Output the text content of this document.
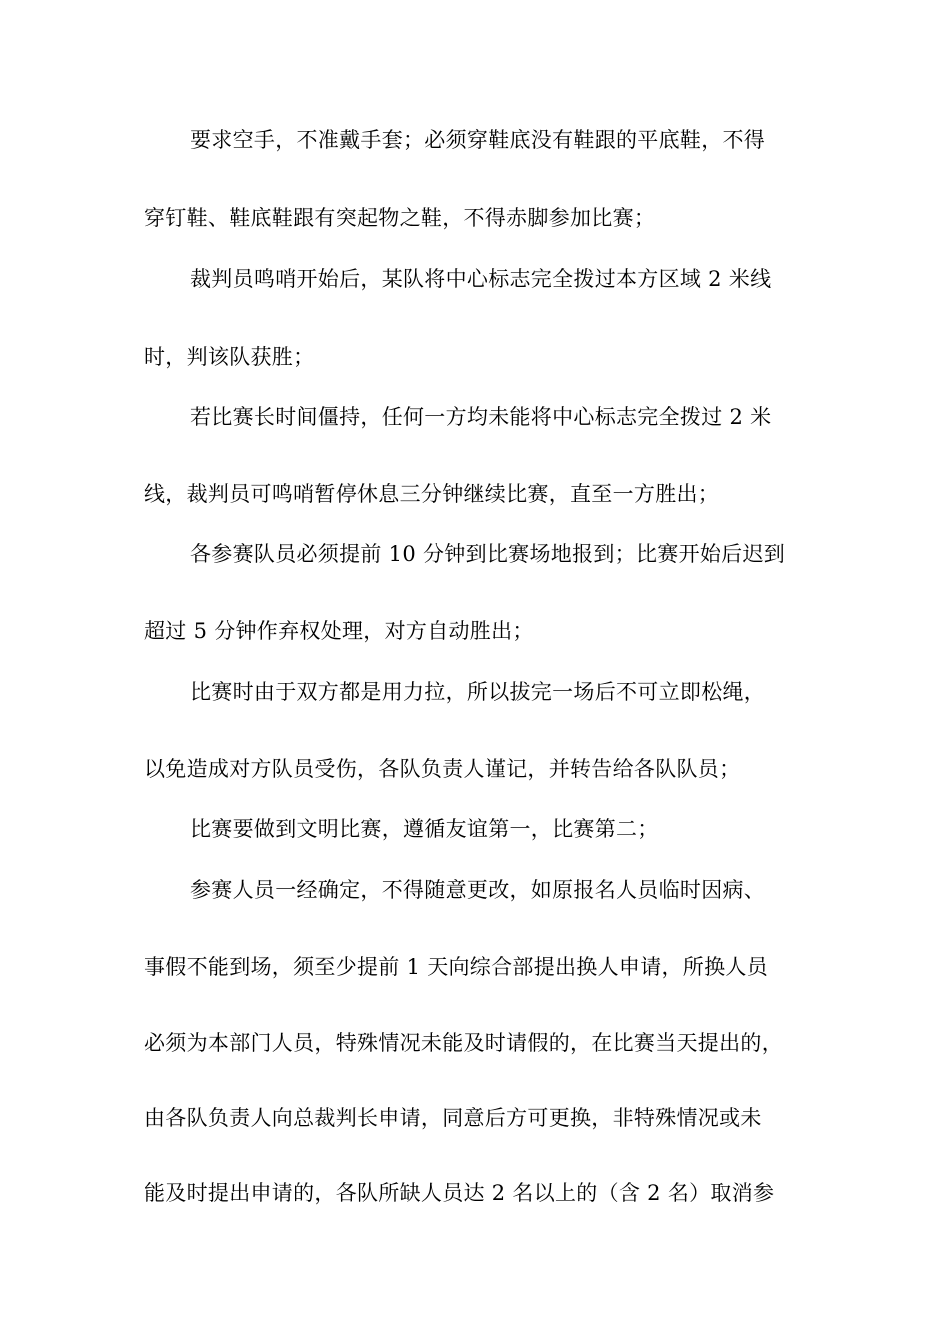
要求空手，不准戴手套；必须穿鞋底没有鞋跟的平底鞋，不得
穿钉鞋、鞋底鞋跟有突起物之鞋，不得赤脚参加比赛；
裁判员鸣哨开始后，某队将中心标志完全拨过本方区域 2 米线
时，判该队获胜；
若比赛长时间僵持，任何一方均未能将中心标志完全拨过 2 米
线，裁判员可鸣哨暂停休息三分钟继续比赛，直至一方胜出；
各参赛队员必须提前 10 分钟到比赛场地报到；比赛开始后迟到
超过 5 分钟作弃权处理，对方自动胜出；
比赛时由于双方都是用力拉，所以拔完一场后不可立即松绳，
以免造成对方队员受伤，各队负责人谨记，并转告给各队队员；
比赛要做到文明比赛，遵循友谊第一，比赛第二；
参赛人员一经确定，不得随意更改，如原报名人员临时因病、
事假不能到场，须至少提前 1 天向综合部提出换人申请，所换人员
必须为本部门人员，特殊情况未能及时请假的，在比赛当天提出的，
由各队负责人向总裁判长申请，同意后方可更换，非特殊情况或未
能及时提出申请的，各队所缺人员达 2 名以上的（含 2 名）取消参
